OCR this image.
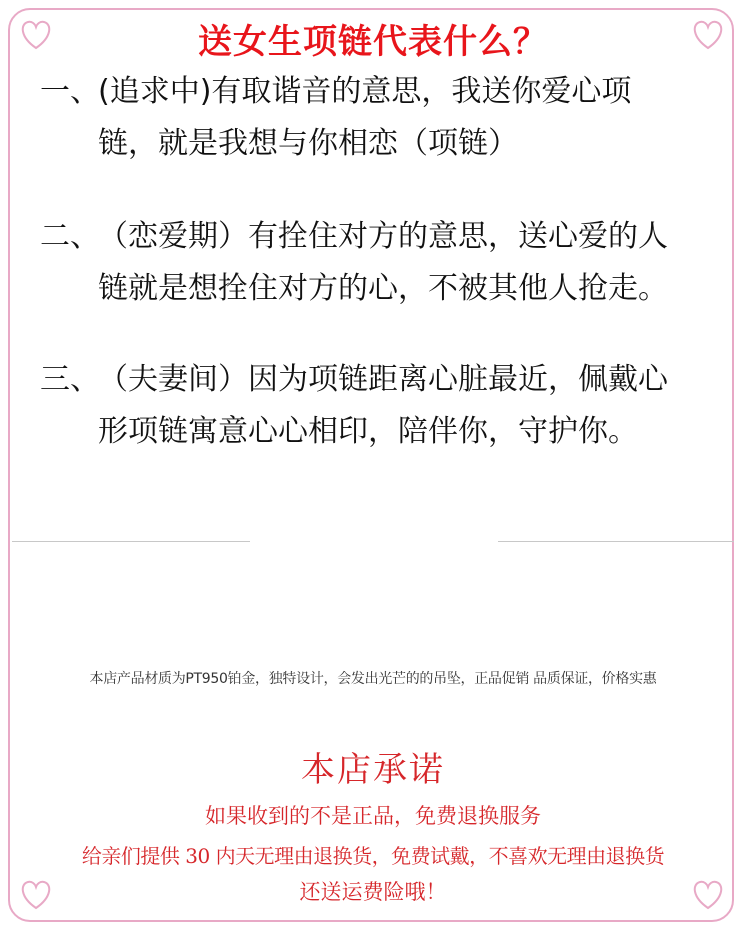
送女生项链代表什么？
一、(追求中)有取谐音的意思，我送你爱心项
链，就是我想与你相恋（项链）
二、（恋爱期）有拴住对方的意思，送心爱的人
链就是想拴住对方的心，不被其他人抢走。
三、（夫妻间）因为项链距离心脏最近，佩戴心
形项链寓意心心相印，陪伴你，守护你。
本店产品材质为PT950铂金，独特设计，会发出光芒的的吊坠，正品促销 品质保证，价格实惠
本店承诺
如果收到的不是正品，免费退换服务
给亲们提供 30 内天无理由退换货，免费试戴，不喜欢无理由退换货
还送运费险哦！
